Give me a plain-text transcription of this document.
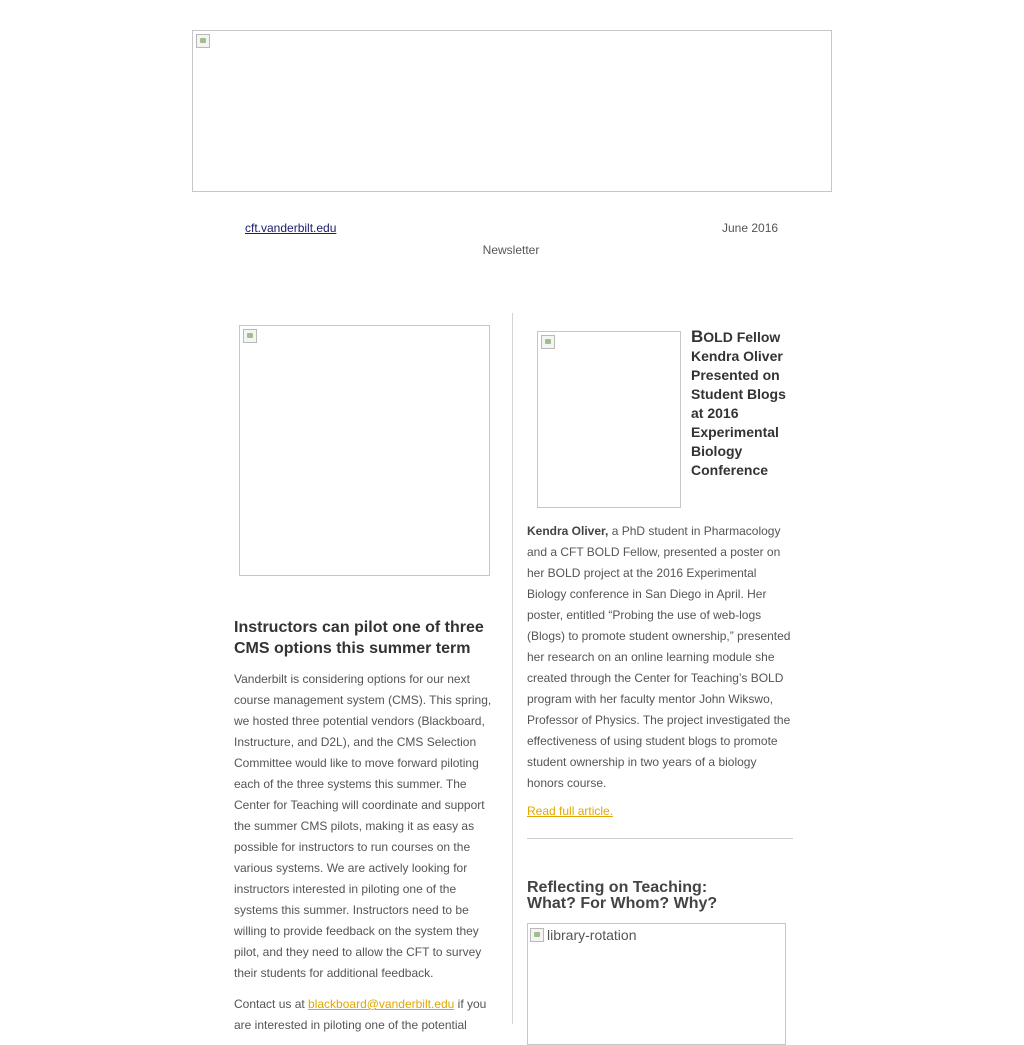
cft.vanderbilt.edu	June 2016
Newsletter
Instructors can pilot one of three CMS options this summer term

Vanderbilt is considering options for our next course management system (CMS). This spring, we hosted three potential vendors (Blackboard, Instructure, and D2L), and the CMS Selection Committee would like to move forward piloting each of the three systems this summer. The Center for Teaching will coordinate and support the summer CMS pilots, making it as easy as possible for instructors to run courses on the various systems. We are actively looking for instructors interested in piloting one of the systems this summer. Instructors need to be willing to provide feedback on the system they pilot, and they need to allow the CFT to survey their students for additional feedback.

Contact us at blackboard@vanderbilt.edu if you are interested in piloting one of the potential

BOLD Fellow Kendra Oliver Presented on Student Blogs at 2016 Experimental Biology Conference

Kendra Oliver, a PhD student in Pharmacology and a CFT BOLD Fellow, presented a poster on her BOLD project at the 2016 Experimental Biology conference in San Diego in April. Her poster, entitled “Probing the use of web-logs (Blogs) to promote student ownership,” presented her research on an online learning module she created through the Center for Teaching’s BOLD program with her faculty mentor John Wikswo, Professor of Physics. The project investigated the effectiveness of using student blogs to promote student ownership in two years of a biology honors course.

Read full article.
Reflecting on Teaching:
What? For Whom? Why?
library-rotation
